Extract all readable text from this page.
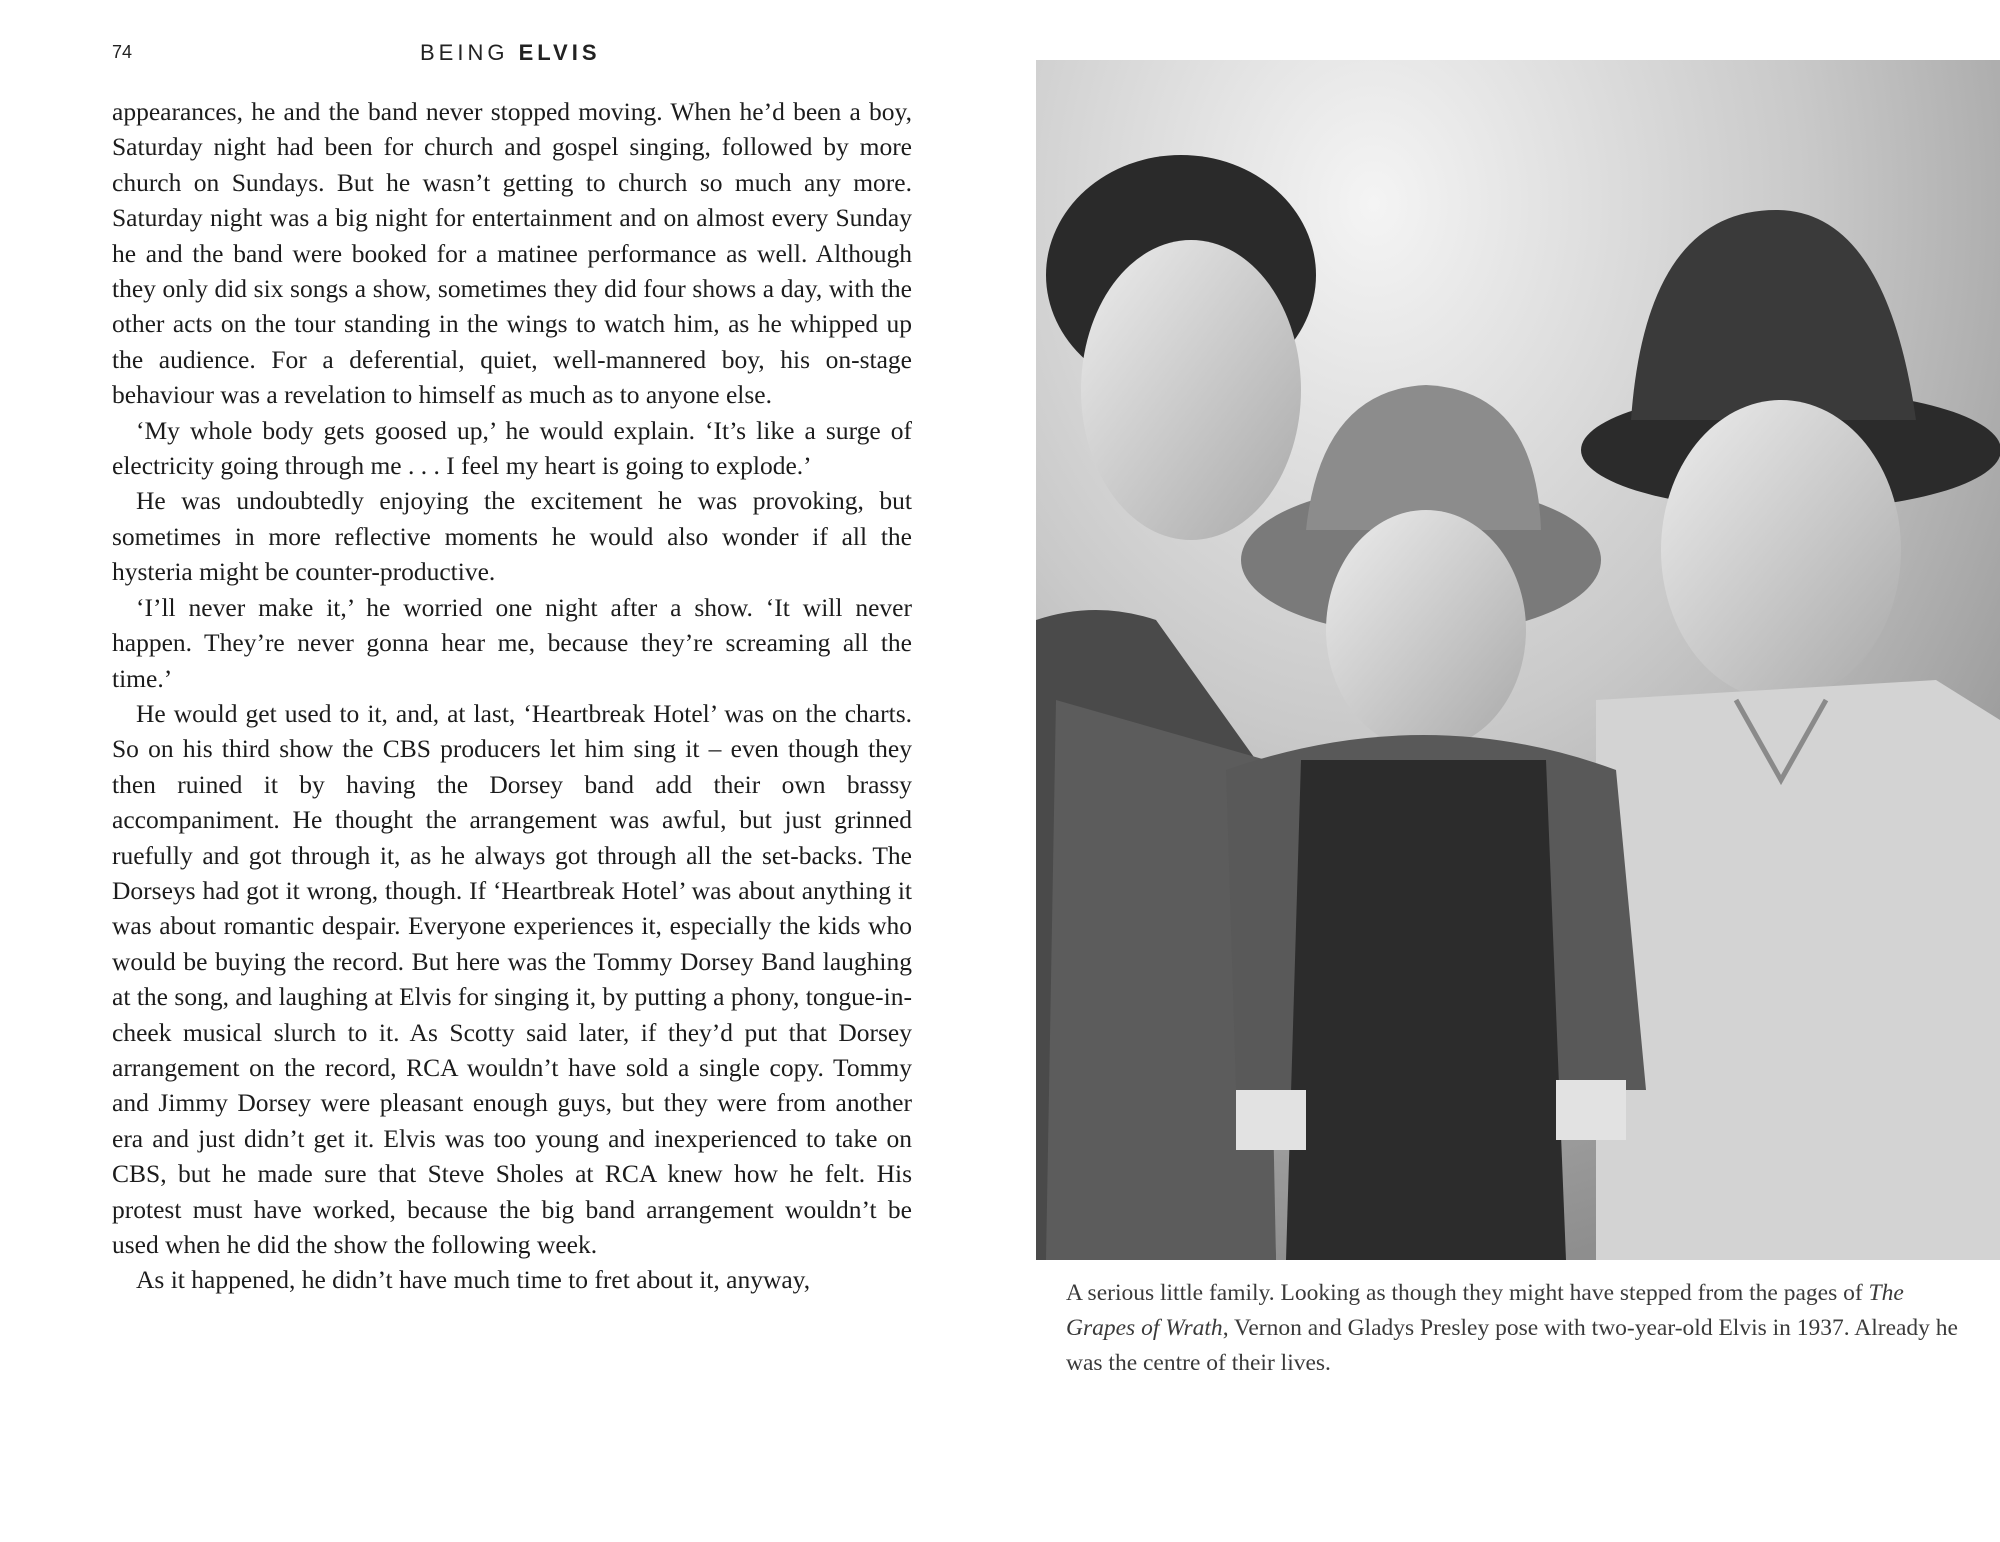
74	BEING ELVIS

appearances, he and the band never stopped moving. When he’d been a boy, Saturday night had been for church and gospel singing, followed by more church on Sundays. But he wasn’t getting to church so much any more. Saturday night was a big night for entertainment and on almost every Sunday he and the band were booked for a matinee performance as well. Although they only did six songs a show, sometimes they did four shows a day, with the other acts on the tour standing in the wings to watch him, as he whipped up the audience. For a deferential, quiet, well-mannered boy, his on-stage behaviour was a revelation to himself as much as to anyone else.

‘My whole body gets goosed up,’ he would explain. ‘It’s like a surge of electricity going through me . . . I feel my heart is going to explode.’

He was undoubtedly enjoying the excitement he was provoking, but sometimes in more reflective moments he would also wonder if all the hysteria might be counter-productive.

‘I’ll never make it,’ he worried one night after a show. ‘It will never happen. They’re never gonna hear me, because they’re screaming all the time.’

He would get used to it, and, at last, ‘Heartbreak Hotel’ was on the charts. So on his third show the CBS producers let him sing it – even though they then ruined it by having the Dorsey band add their own brassy accompaniment. He thought the arrangement was awful, but just grinned ruefully and got through it, as he always got through all the set-backs. The Dorseys had got it wrong, though. If ‘Heartbreak Hotel’ was about anything it was about romantic despair. Everyone experiences it, especially the kids who would be buying the record. But here was the Tommy Dorsey Band laughing at the song, and laughing at Elvis for singing it, by putting a phony, tongue-in-cheek musical slurch to it. As Scotty said later, if they’d put that Dorsey arrangement on the record, RCA wouldn’t have sold a single copy. Tommy and Jimmy Dorsey were pleasant enough guys, but they were from another era and just didn’t get it. Elvis was too young and inexperienced to take on CBS, but he made sure that Steve Sholes at RCA knew how he felt. His protest must have worked, because the big band arrangement wouldn’t be used when he did the show the following week.

As it happened, he didn’t have much time to fret about it, anyway,	A serious little family. Looking as though they might have stepped from the pages of The Grapes of Wrath, Vernon and Gladys Presley pose with two-year-old Elvis in 1937. Already he was the centre of their lives.
